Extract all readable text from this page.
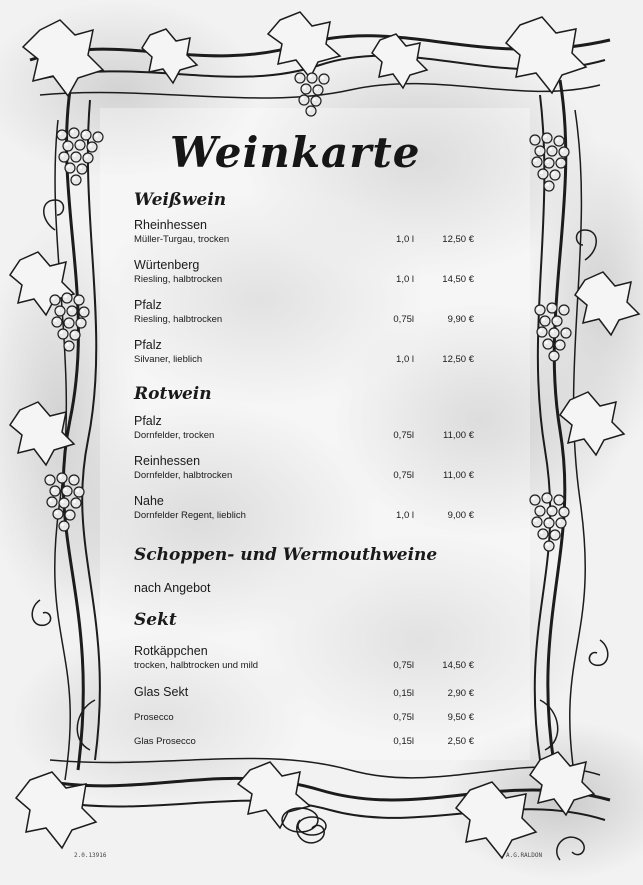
Weinkarte
Weißwein
Rheinhessen
Müller-Turgau, trocken	1,0 l	12,50 €
Würtenberg
Riesling, halbtrocken	1,0 l	14,50 €
Pfalz
Riesling, halbtrocken	0,75l	9,90 €
Pfalz
Silvaner, lieblich	1,0 l	12,50 €
Rotwein
Pfalz
Dornfelder, trocken	0,75l	11,00 €
Reinhessen
Dornfelder, halbtrocken	0,75l	11,00 €
Nahe
Dornfelder Regent, lieblich	1,0 l	9,00 €
Schoppen- und Wermouthweine
nach Angebot
Sekt
Rotkäppchen
trocken, halbtrocken und mild	0,75l	14,50 €
Glas Sekt	0,15l	2,90 €
Prosecco	0,75l	9,50 €
Glas Prosecco	0,15l	2,50 €
2.0.13916	A.G.RALDON
